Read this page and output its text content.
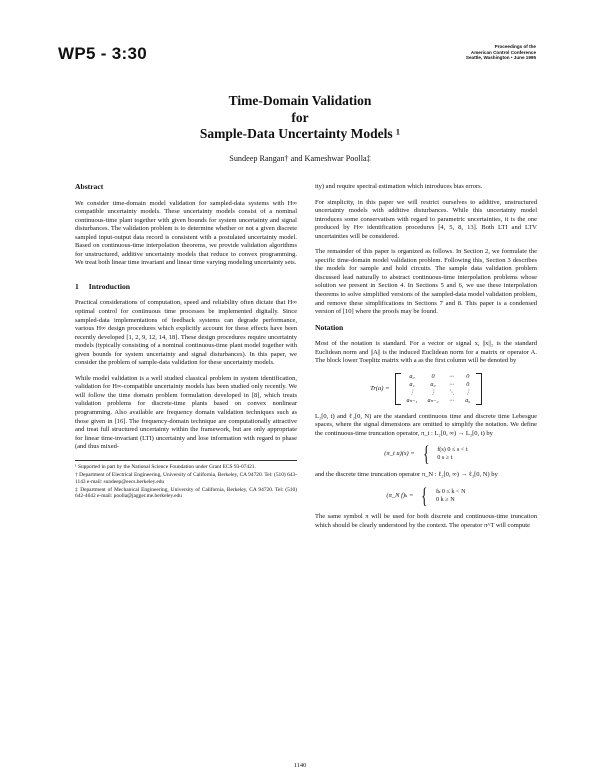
WP5 - 3:30	Proceedings of the
American Control Conference
Seattle, Washington • June 1995
Time-Domain Validation
for
Sample-Data Uncertainty Models ¹
Sundeep Rangan† and Kameshwar Poolla‡
Abstract

We consider time-domain model validation for sampled-data systems with H∞ compatible uncertainty models. These uncertainty models consist of a nominal continuous-time plant together with given bounds for system uncertainty and signal disturbances. The validation problem is to determine whether or not a given discrete sampled input-output data record is consistent with a postulated uncertainty model. Based on continuous-time interpolation theorems, we provide validation algorithms for unstructured, additive uncertainty models that reduce to convex programming. We treat both linear time invariant and linear time varying modeling uncertainty sets.

1 Introduction

Practical considerations of computation, speed and reliability often dictate that H∞ optimal control for continuous time processes be implemented digitally. Since sampled-data implementations of feedback systems can degrade performance, various H∞ design procedures which explicitly account for these effects have been recently developed [1, 2, 9, 12, 14, 18]. These design procedures require uncertainty models (typically consisting of a nominal continuous-time plant model together with given bounds for system uncertainty and signal disturbances). In this paper, we consider the problem of sample-data validation for these uncertainty models.

While model validation is a well studied classical problem in system identification, validation for H∞-compatible uncertainty models has been studied only recently. We will follow the time domain problem formulation developed in [8], which treats validation problems for discrete-time plants based on convex nonlinear programming. Also available are frequency domain validation techniques such as those given in [16]. The frequency-domain technique are computationally attractive and treat full structured uncertainty within the framework, but are only appropriate for linear time-invariant (LTI) uncertainty and lose information with regard to phase (and thus mixed-

¹ Supported in part by the National Science Foundation under Grant ECS 93-07421.
† Department of Electrical Engineering, University of California, Berkeley, CA 94720. Tel: (510) 643-1143 e-mail: sundeep@eecs.berkeley.edu
‡ Department of Mechanical Engineering, University of California, Berkeley, CA 94720. Tel: (510) 642-4642 e-mail: poolla@jagger.me.berkeley.edu

ity) and require spectral estimation which introduces bias errors.

For simplicity, in this paper we will restrict ourselves to additive, unstructured uncertainty models with additive disturbances. While this uncertainty model introduces some conservatism with regard to parametric uncertainties, it is the one produced by H∞ identification procedures [4, 5, 8, 13]. Both LTI and LTV uncertainties will be considered.

The remainder of this paper is organized as follows. In Section 2, we formulate the specific time-domain model validation problem. Following this, Section 3 describes the models for sample and hold circuits. The sample data validation problem discussed lead naturally to abstract continuous-time interpolation problems whose solution we present in Section 4. In Sections 5 and 6, we use these interpolation theorems to solve simplified versions of the sampled-data model validation problem, and remove these simplifications in Sections 7 and 8. This paper is a condensed version of [10] where the proofs may be found.

Notation

Most of the notation is standard. For a vector or signal x, ||x||₂ is the standard Euclidean norm and ||A|| is the induced Euclidean norm for a matrix or operator A. The block lower Toeplitz matrix with a as the first column will be denoted by

Tr(a) =
a₀	0	···	0
a₁	a₀	···	0
⋮	⋮	⋱	⋮
aₙ₋₁	aₙ₋₂	···	a₀

L₂[0, t) and ℓ₂[0, N) are the standard continuous time and discrete time Lebesgue spaces, where the signal dimensions are omitted to simplify the notation. We define the continuous-time truncation operator, π_t : L₂[0, ∞) → L₂[0, t) by

(π_t u)(s) = { f(s) 0 ≤ s < t
0 s ≥ t

and the discrete time truncation operator π_N : ℓ₂[0, ∞) → ℓ₂[0, N) by

(π_N f)ₖ = { fₖ 0 ≤ k < N
0 k ≥ N

The same symbol π will be used for both discrete and continuous-time truncation which should be clearly understood by the context. The operator π^T will compute

1140
